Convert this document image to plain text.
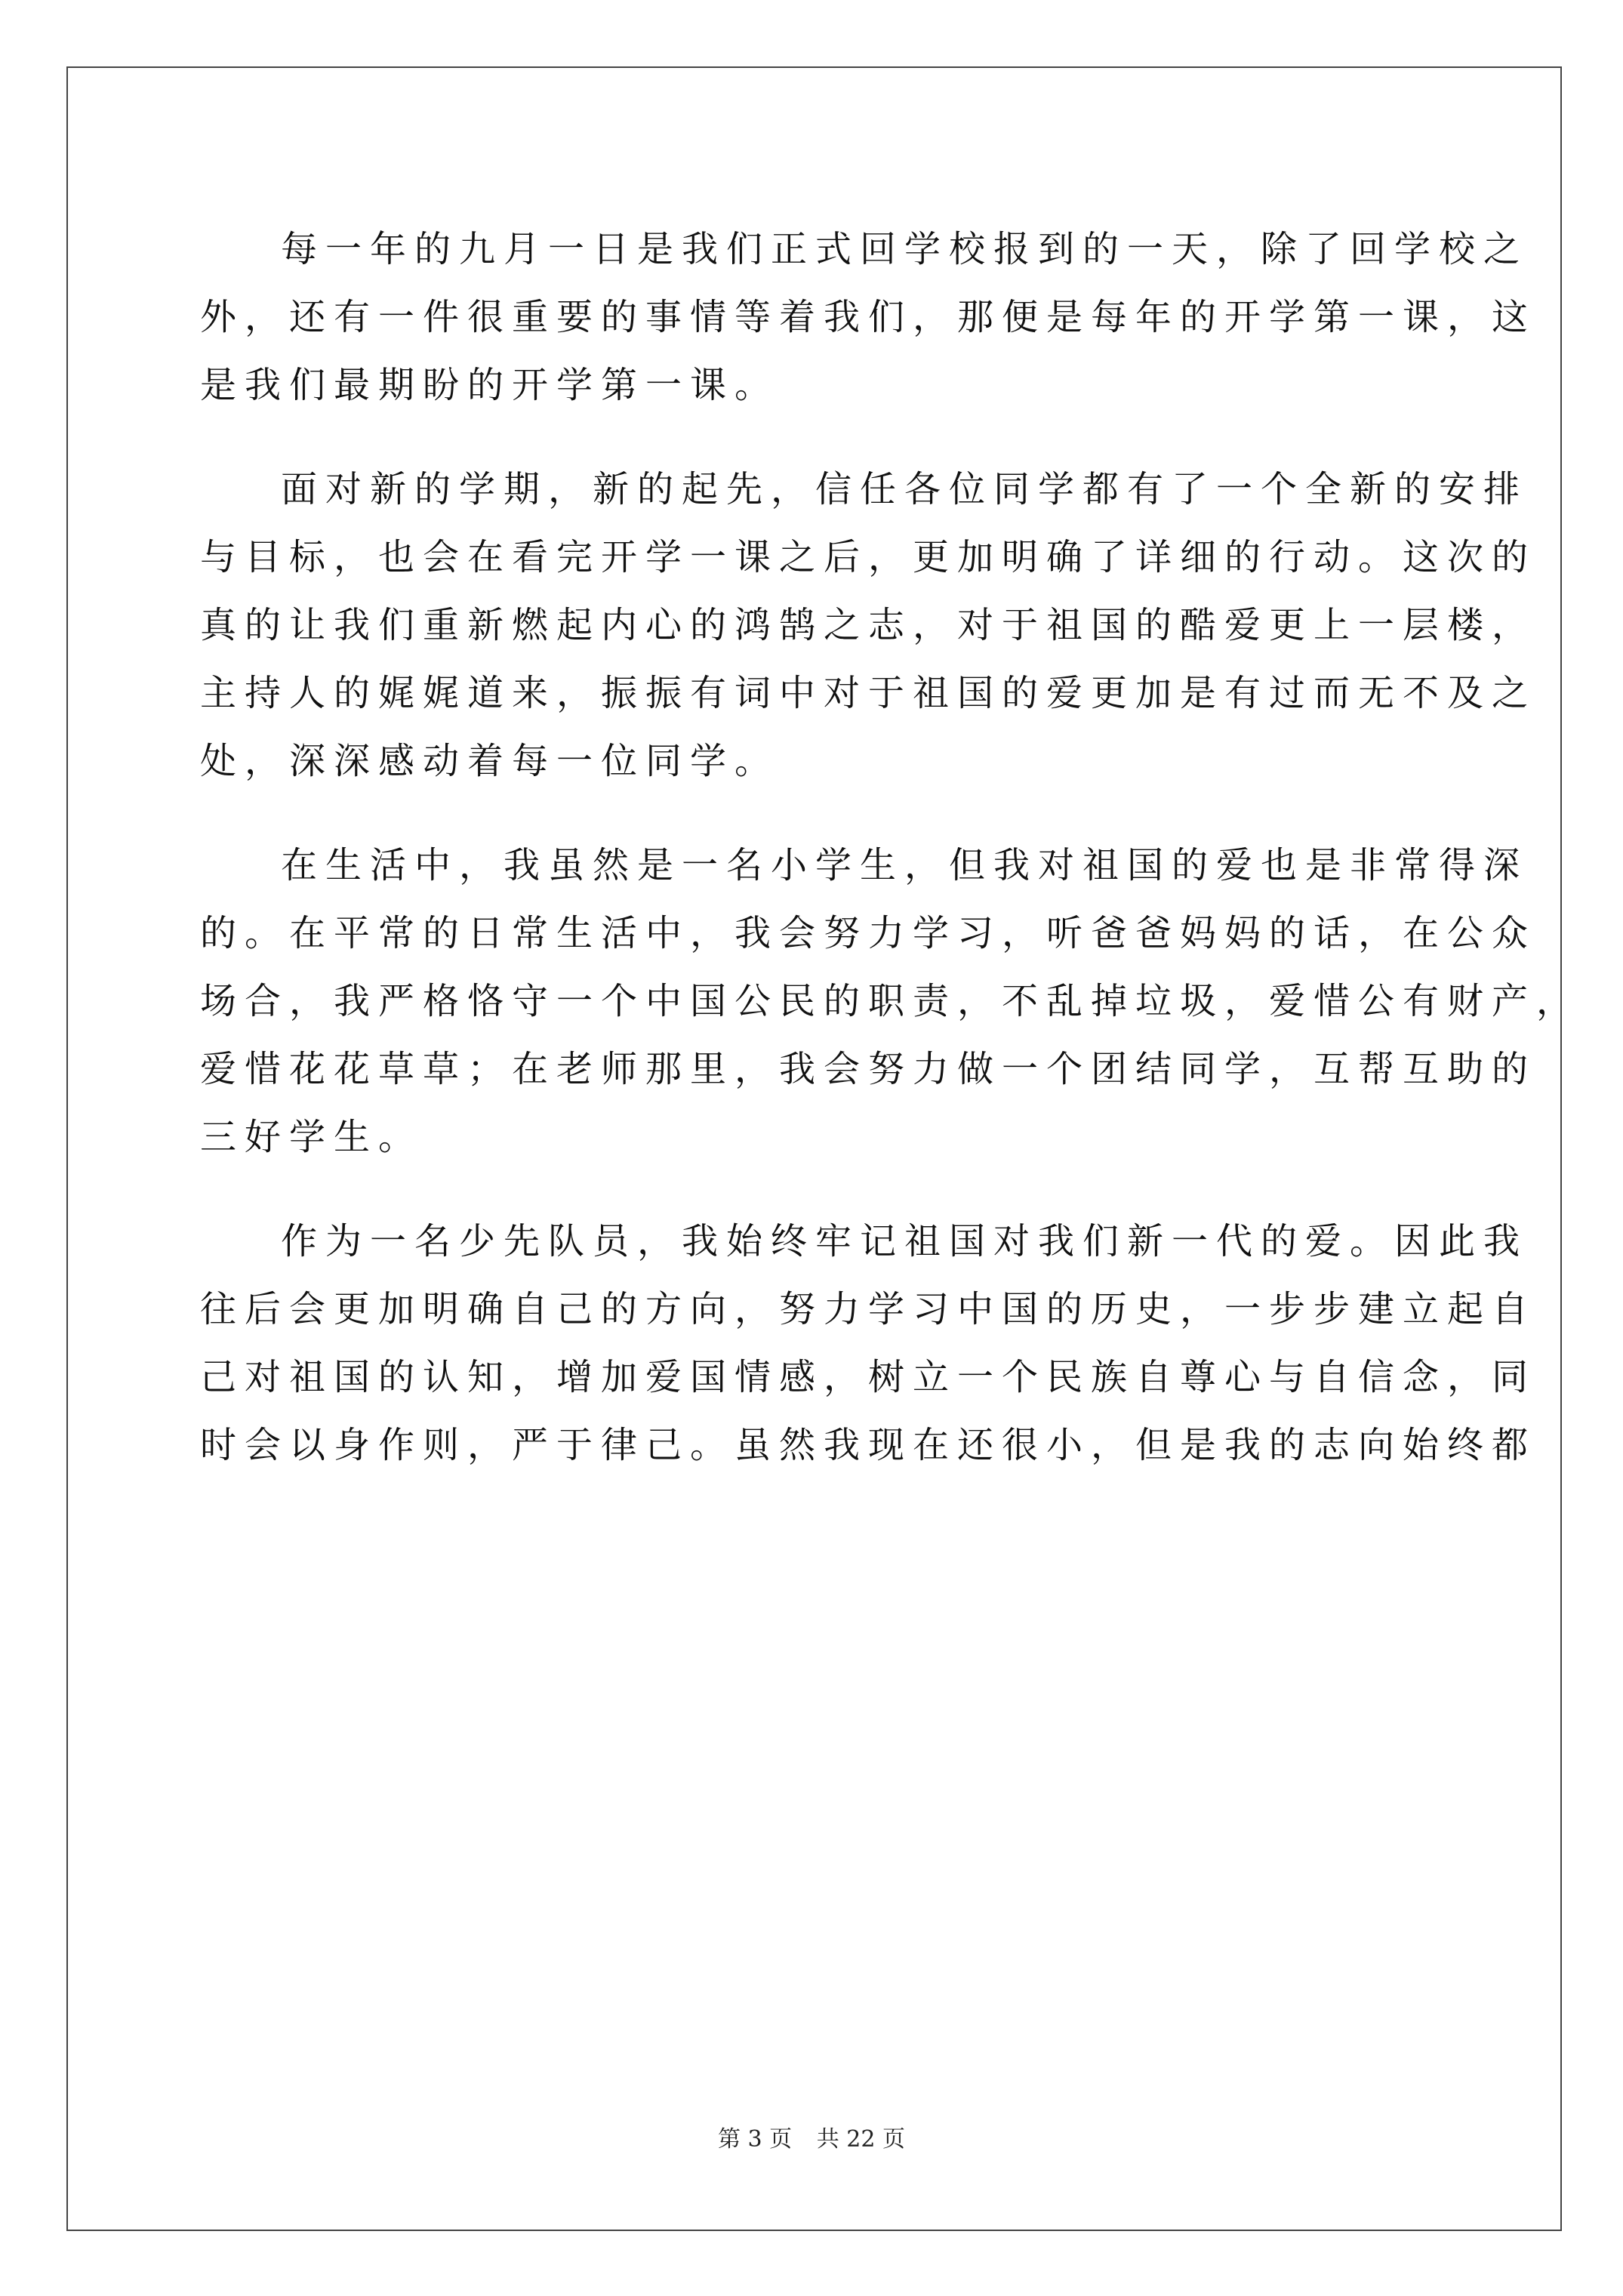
每一年的九月一日是我们正式回学校报到的一天，除了回学校之
外，还有一件很重要的事情等着我们，那便是每年的开学第一课，这
是我们最期盼的开学第一课。
面对新的学期，新的起先，信任各位同学都有了一个全新的安排
与目标，也会在看完开学一课之后，更加明确了详细的行动。这次的
真的让我们重新燃起内心的鸿鹄之志，对于祖国的酷爱更上一层楼，
主持人的娓娓道来，振振有词中对于祖国的爱更加是有过而无不及之
处，深深感动着每一位同学。
在生活中，我虽然是一名小学生，但我对祖国的爱也是非常得深
的。在平常的日常生活中，我会努力学习，听爸爸妈妈的话，在公众
场合，我严格恪守一个中国公民的职责，不乱掉垃圾，爱惜公有财产，
爱惜花花草草；在老师那里，我会努力做一个团结同学，互帮互助的
三好学生。
作为一名少先队员，我始终牢记祖国对我们新一代的爱。因此我
往后会更加明确自己的方向，努力学习中国的历史，一步步建立起自
己对祖国的认知，增加爱国情感，树立一个民族自尊心与自信念，同
时会以身作则，严于律己。虽然我现在还很小，但是我的志向始终都
第 3 页 共 22 页
